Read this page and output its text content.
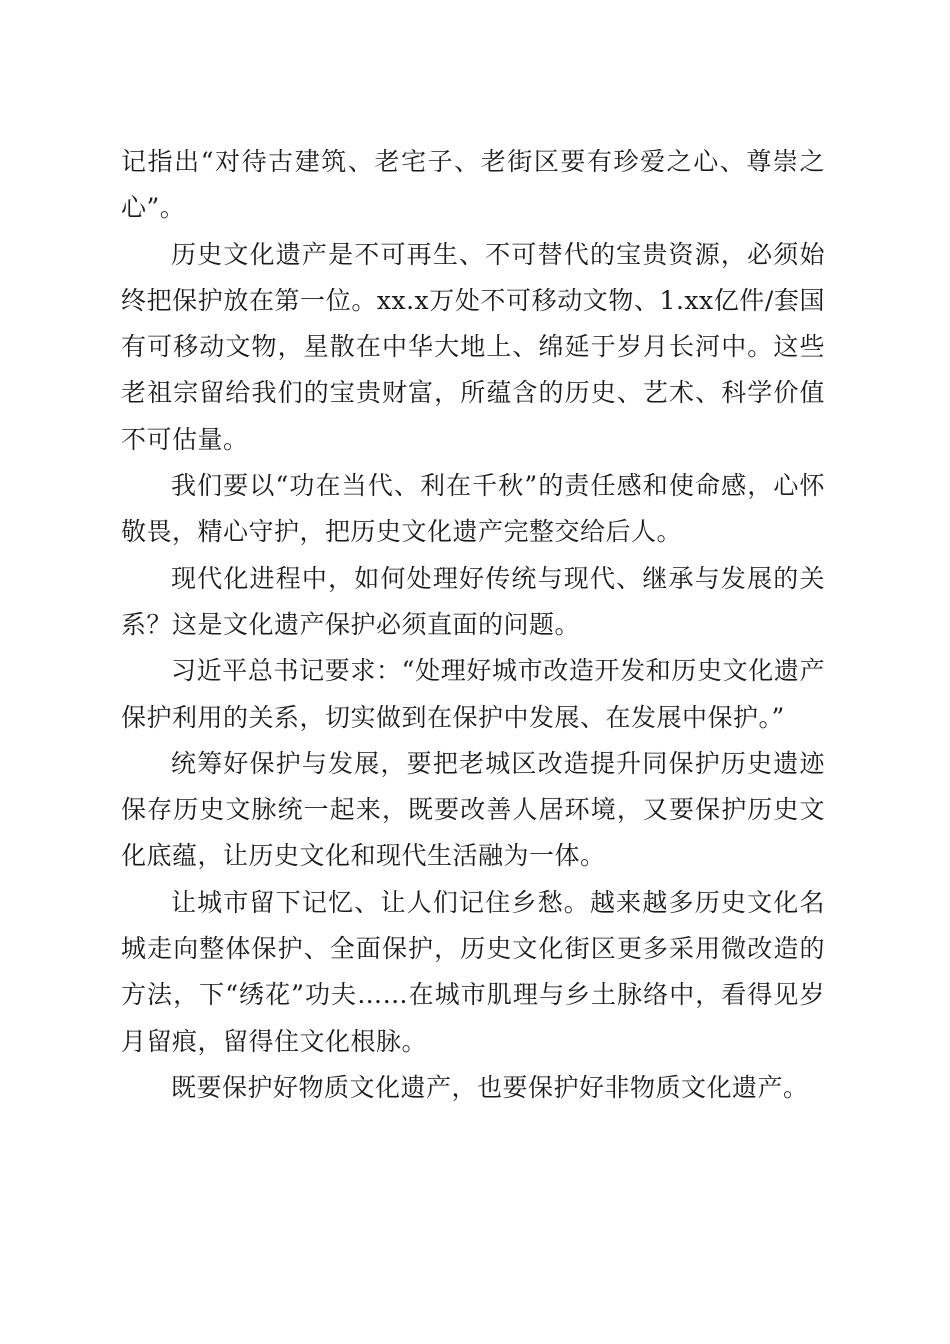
记指出“对待古建筑、老宅子、老街区要有珍爱之心、尊崇之心”。

历史文化遗产是不可再生、不可替代的宝贵资源，必须始终把保护放在第一位。xx.x万处不可移动文物、1.xx亿件/套国有可移动文物，星散在中华大地上、绵延于岁月长河中。这些老祖宗留给我们的宝贵财富，所蕴含的历史、艺术、科学价值不可估量。

我们要以“功在当代、利在千秋”的责任感和使命感，心怀敬畏，精心守护，把历史文化遗产完整交给后人。

现代化进程中，如何处理好传统与现代、继承与发展的关系？这是文化遗产保护必须直面的问题。

习近平总书记要求：“处理好城市改造开发和历史文化遗产保护利用的关系，切实做到在保护中发展、在发展中保护。”

统筹好保护与发展，要把老城区改造提升同保护历史遗迹保存历史文脉统一起来，既要改善人居环境，又要保护历史文化底蕴，让历史文化和现代生活融为一体。

让城市留下记忆、让人们记住乡愁。越来越多历史文化名城走向整体保护、全面保护，历史文化街区更多采用微改造的方法，下“绣花”功夫……在城市肌理与乡土脉络中，看得见岁月留痕，留得住文化根脉。

既要保护好物质文化遗产，也要保护好非物质文化遗产。
